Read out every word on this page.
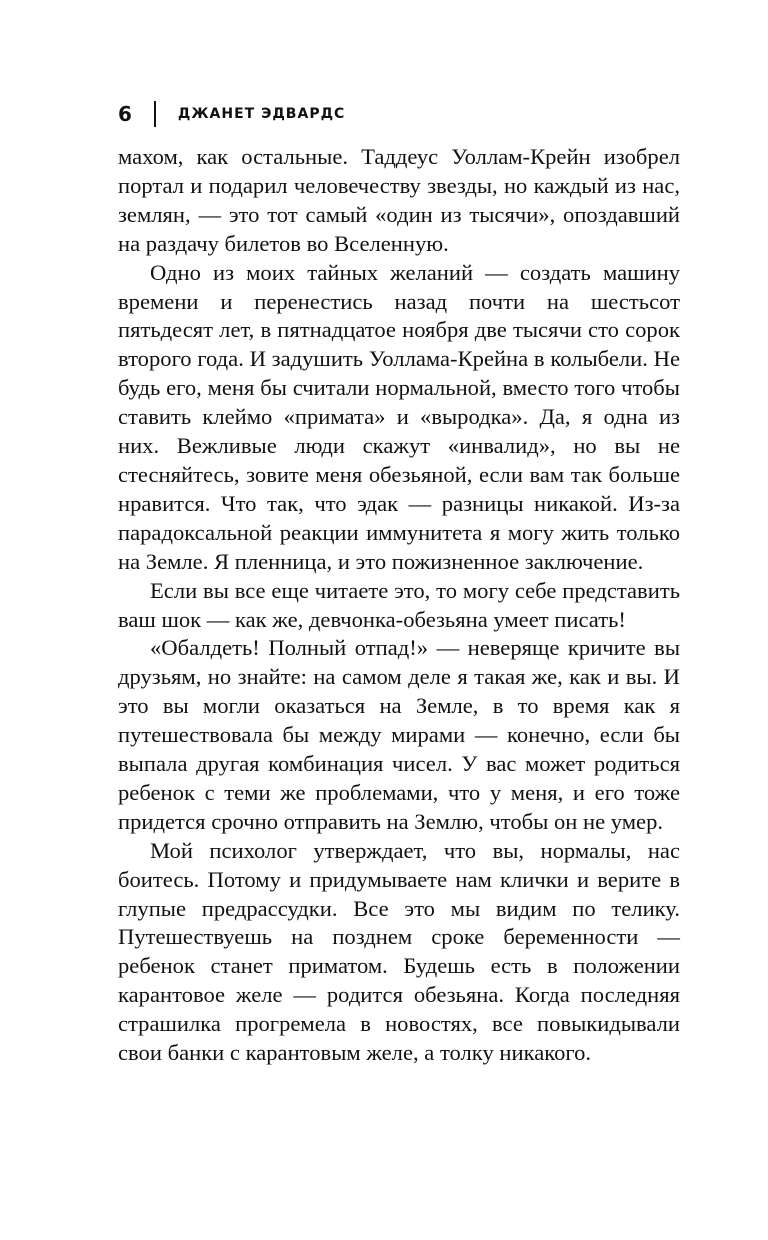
6	ДЖАНЕТ ЭДВАРДС

махом, как остальные. Таддеус Уоллам-Крейн изобрел портал и подарил человечеству звезды, но каждый из нас, землян, — это тот самый «один из тысячи», опоздавший на раздачу билетов во Вселенную.

Одно из моих тайных желаний — создать машину времени и перенестись назад почти на шестьсот пятьдесят лет, в пятнадцатое ноября две тысячи сто сорок второго года. И задушить Уоллама-Крейна в колыбели. Не будь его, меня бы считали нормальной, вместо того чтобы ставить клеймо «примата» и «выродка». Да, я одна из них. Вежливые люди скажут «инвалид», но вы не стесняйтесь, зовите меня обезьяной, если вам так больше нравится. Что так, что эдак — разницы никакой. Из-за парадоксальной реакции иммунитета я могу жить только на Земле. Я пленница, и это пожизненное заключение.

Если вы все еще читаете это, то могу себе представить ваш шок — как же, девчонка-обезьяна умеет писать!

«Обалдеть! Полный отпад!» — неверяще кричите вы друзьям, но знайте: на самом деле я такая же, как и вы. И это вы могли оказаться на Земле, в то время как я путешествовала бы между мирами — конечно, если бы выпала другая комбинация чисел. У вас может родиться ребенок с теми же проблемами, что у меня, и его тоже придется срочно отправить на Землю, чтобы он не умер.

Мой психолог утверждает, что вы, нормалы, нас боитесь. Потому и придумываете нам клички и верите в глупые предрассудки. Все это мы видим по телику. Путешествуешь на позднем сроке беременности — ребенок станет приматом. Будешь есть в положении карантовое желе — родится обезьяна. Когда последняя страшилка прогремела в новостях, все повыкидывали свои банки с карантовым желе, а толку никакого.
